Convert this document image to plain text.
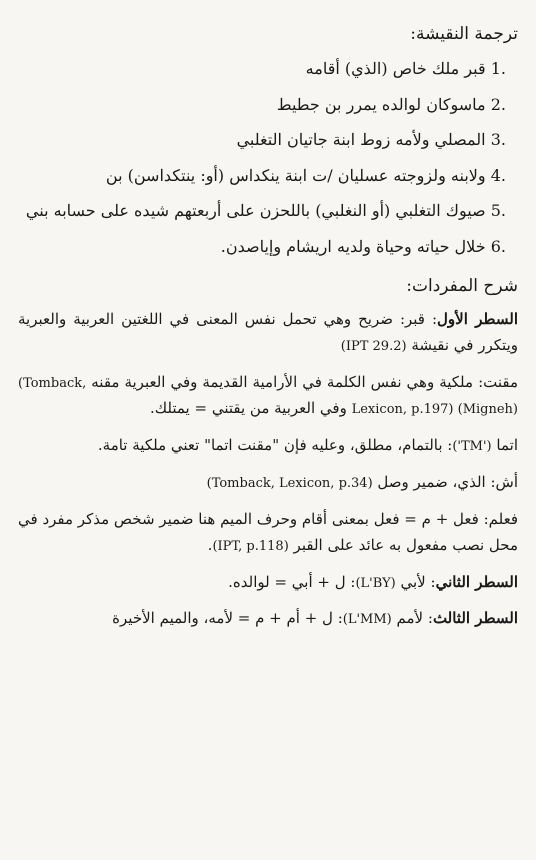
ترجمة النقيشة:
.1 قبر ملك خاص (الذي) أقامه
.2 ماسوكان لوالده يمرر بن جطيط
.3 المصلي ولأمه زوط ابنة جاتيان التغلبي
.4 ولابنه ولزوجته عسليان /ت ابنة ينكداس (أو: ينتكداسن) بن
.5 صيوك التغلبي (أو النغلبي) باللحزن على أربعتهم شيده على حسابه بني
.6 خلال حياته وحياة ولديه اريشام وإياصدن.
شرح المفردات:

السطر الأول: قبر: ضريح وهي تحمل نفس المعنى في اللغتين العربية والعبرية ويتكرر في نقيشة (IPT 29.2)

مقنت: ملكية وهي نفس الكلمة في الأرامية القديمة وفي العبرية مقنه (Tomback, Lexicon, p.197) (Migneh) وفي العربية من يقتني = يمتلك.

اتما ('TM'): بالتمام، مطلق، وعليه فإن "مقنت اتما" تعني ملكية تامة.

أش: الذي، ضمير وصل (Tomback, Lexicon, p.34)

فعلم: فعل + م = فعل بمعنى أقام وحرف الميم هنا ضمير شخص مذكر مفرد في محل نصب مفعول به عائد على القبر (IPT, p.118).

السطر الثاني: لأبي (L'BY): ل + أبي = لوالده.

السطر الثالث: لأمم (L'MM): ل + أم + م = لأمه، والميم الأخيرة
